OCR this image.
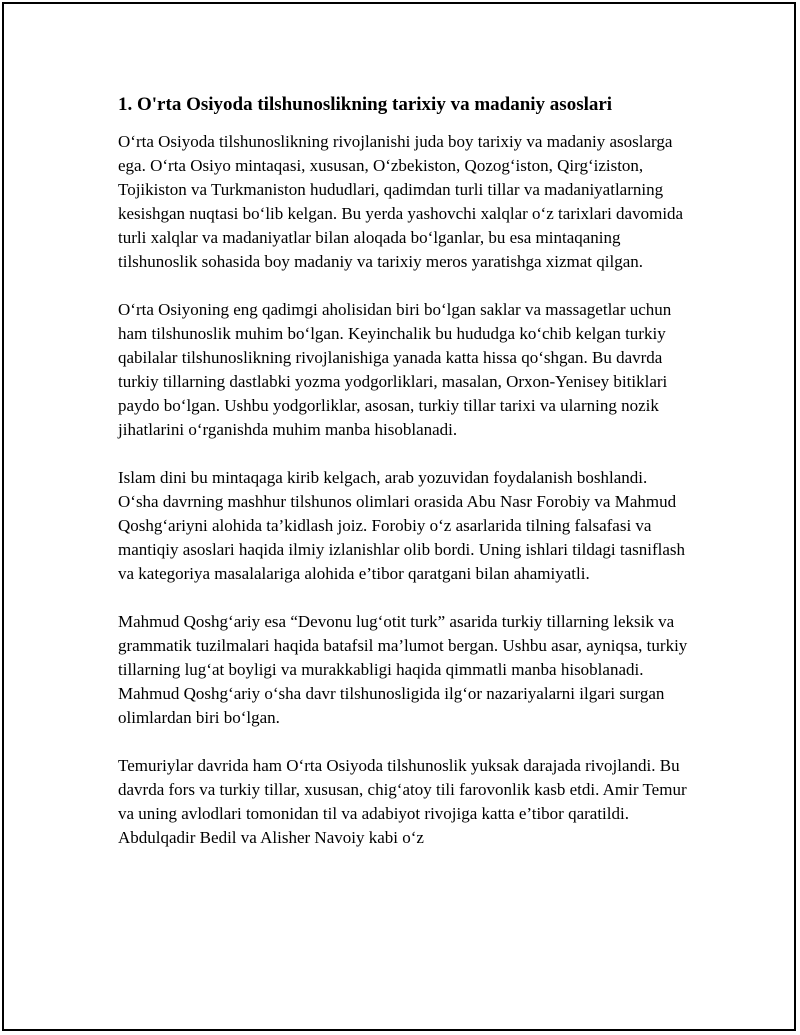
1. O'rta Osiyoda tilshunoslikning tarixiy va madaniy asoslari

O‘rta Osiyoda tilshunoslikning rivojlanishi juda boy tarixiy va madaniy asoslarga ega. O‘rta Osiyo mintaqasi, xususan, O‘zbekiston, Qozog‘iston, Qirg‘iziston, Tojikiston va Turkmaniston hududlari, qadimdan turli tillar va madaniyatlarning kesishgan nuqtasi bo‘lib kelgan. Bu yerda yashovchi xalqlar o‘z tarixlari davomida turli xalqlar va madaniyatlar bilan aloqada bo‘lganlar, bu esa mintaqaning tilshunoslik sohasida boy madaniy va tarixiy meros yaratishga xizmat qilgan.

O‘rta Osiyoning eng qadimgi aholisidan biri bo‘lgan saklar va massagetlar uchun ham tilshunoslik muhim bo‘lgan. Keyinchalik bu hududga ko‘chib kelgan turkiy qabilalar tilshunoslikning rivojlanishiga yanada katta hissa qo‘shgan. Bu davrda turkiy tillarning dastlabki yozma yodgorliklari, masalan, Orxon-Yenisey bitiklari paydo bo‘lgan. Ushbu yodgorliklar, asosan, turkiy tillar tarixi va ularning nozik jihatlarini o‘rganishda muhim manba hisoblanadi.

Islam dini bu mintaqaga kirib kelgach, arab yozuvidan foydalanish boshlandi. O‘sha davrning mashhur tilshunos olimlari orasida Abu Nasr Forobiy va Mahmud Qoshg‘ariyni alohida ta’kidlash joiz. Forobiy o‘z asarlarida tilning falsafasi va mantiqiy asoslari haqida ilmiy izlanishlar olib bordi. Uning ishlari tildagi tasniflash va kategoriya masalalariga alohida e’tibor qaratgani bilan ahamiyatli.

Mahmud Qoshg‘ariy esa “Devonu lug‘otit turk” asarida turkiy tillarning leksik va grammatik tuzilmalari haqida batafsil ma’lumot bergan. Ushbu asar, ayniqsa, turkiy tillarning lug‘at boyligi va murakkabligi haqida qimmatli manba hisoblanadi. Mahmud Qoshg‘ariy o‘sha davr tilshunosligida ilg‘or nazariyalarni ilgari surgan olimlardan biri bo‘lgan.

Temuriylar davrida ham O‘rta Osiyoda tilshunoslik yuksak darajada rivojlandi. Bu davrda fors va turkiy tillar, xususan, chig‘atoy tili farovonlik kasb etdi. Amir Temur va uning avlodlari tomonidan til va adabiyot rivojiga katta e’tibor qaratildi. Abdulqadir Bedil va Alisher Navoiy kabi o‘z
